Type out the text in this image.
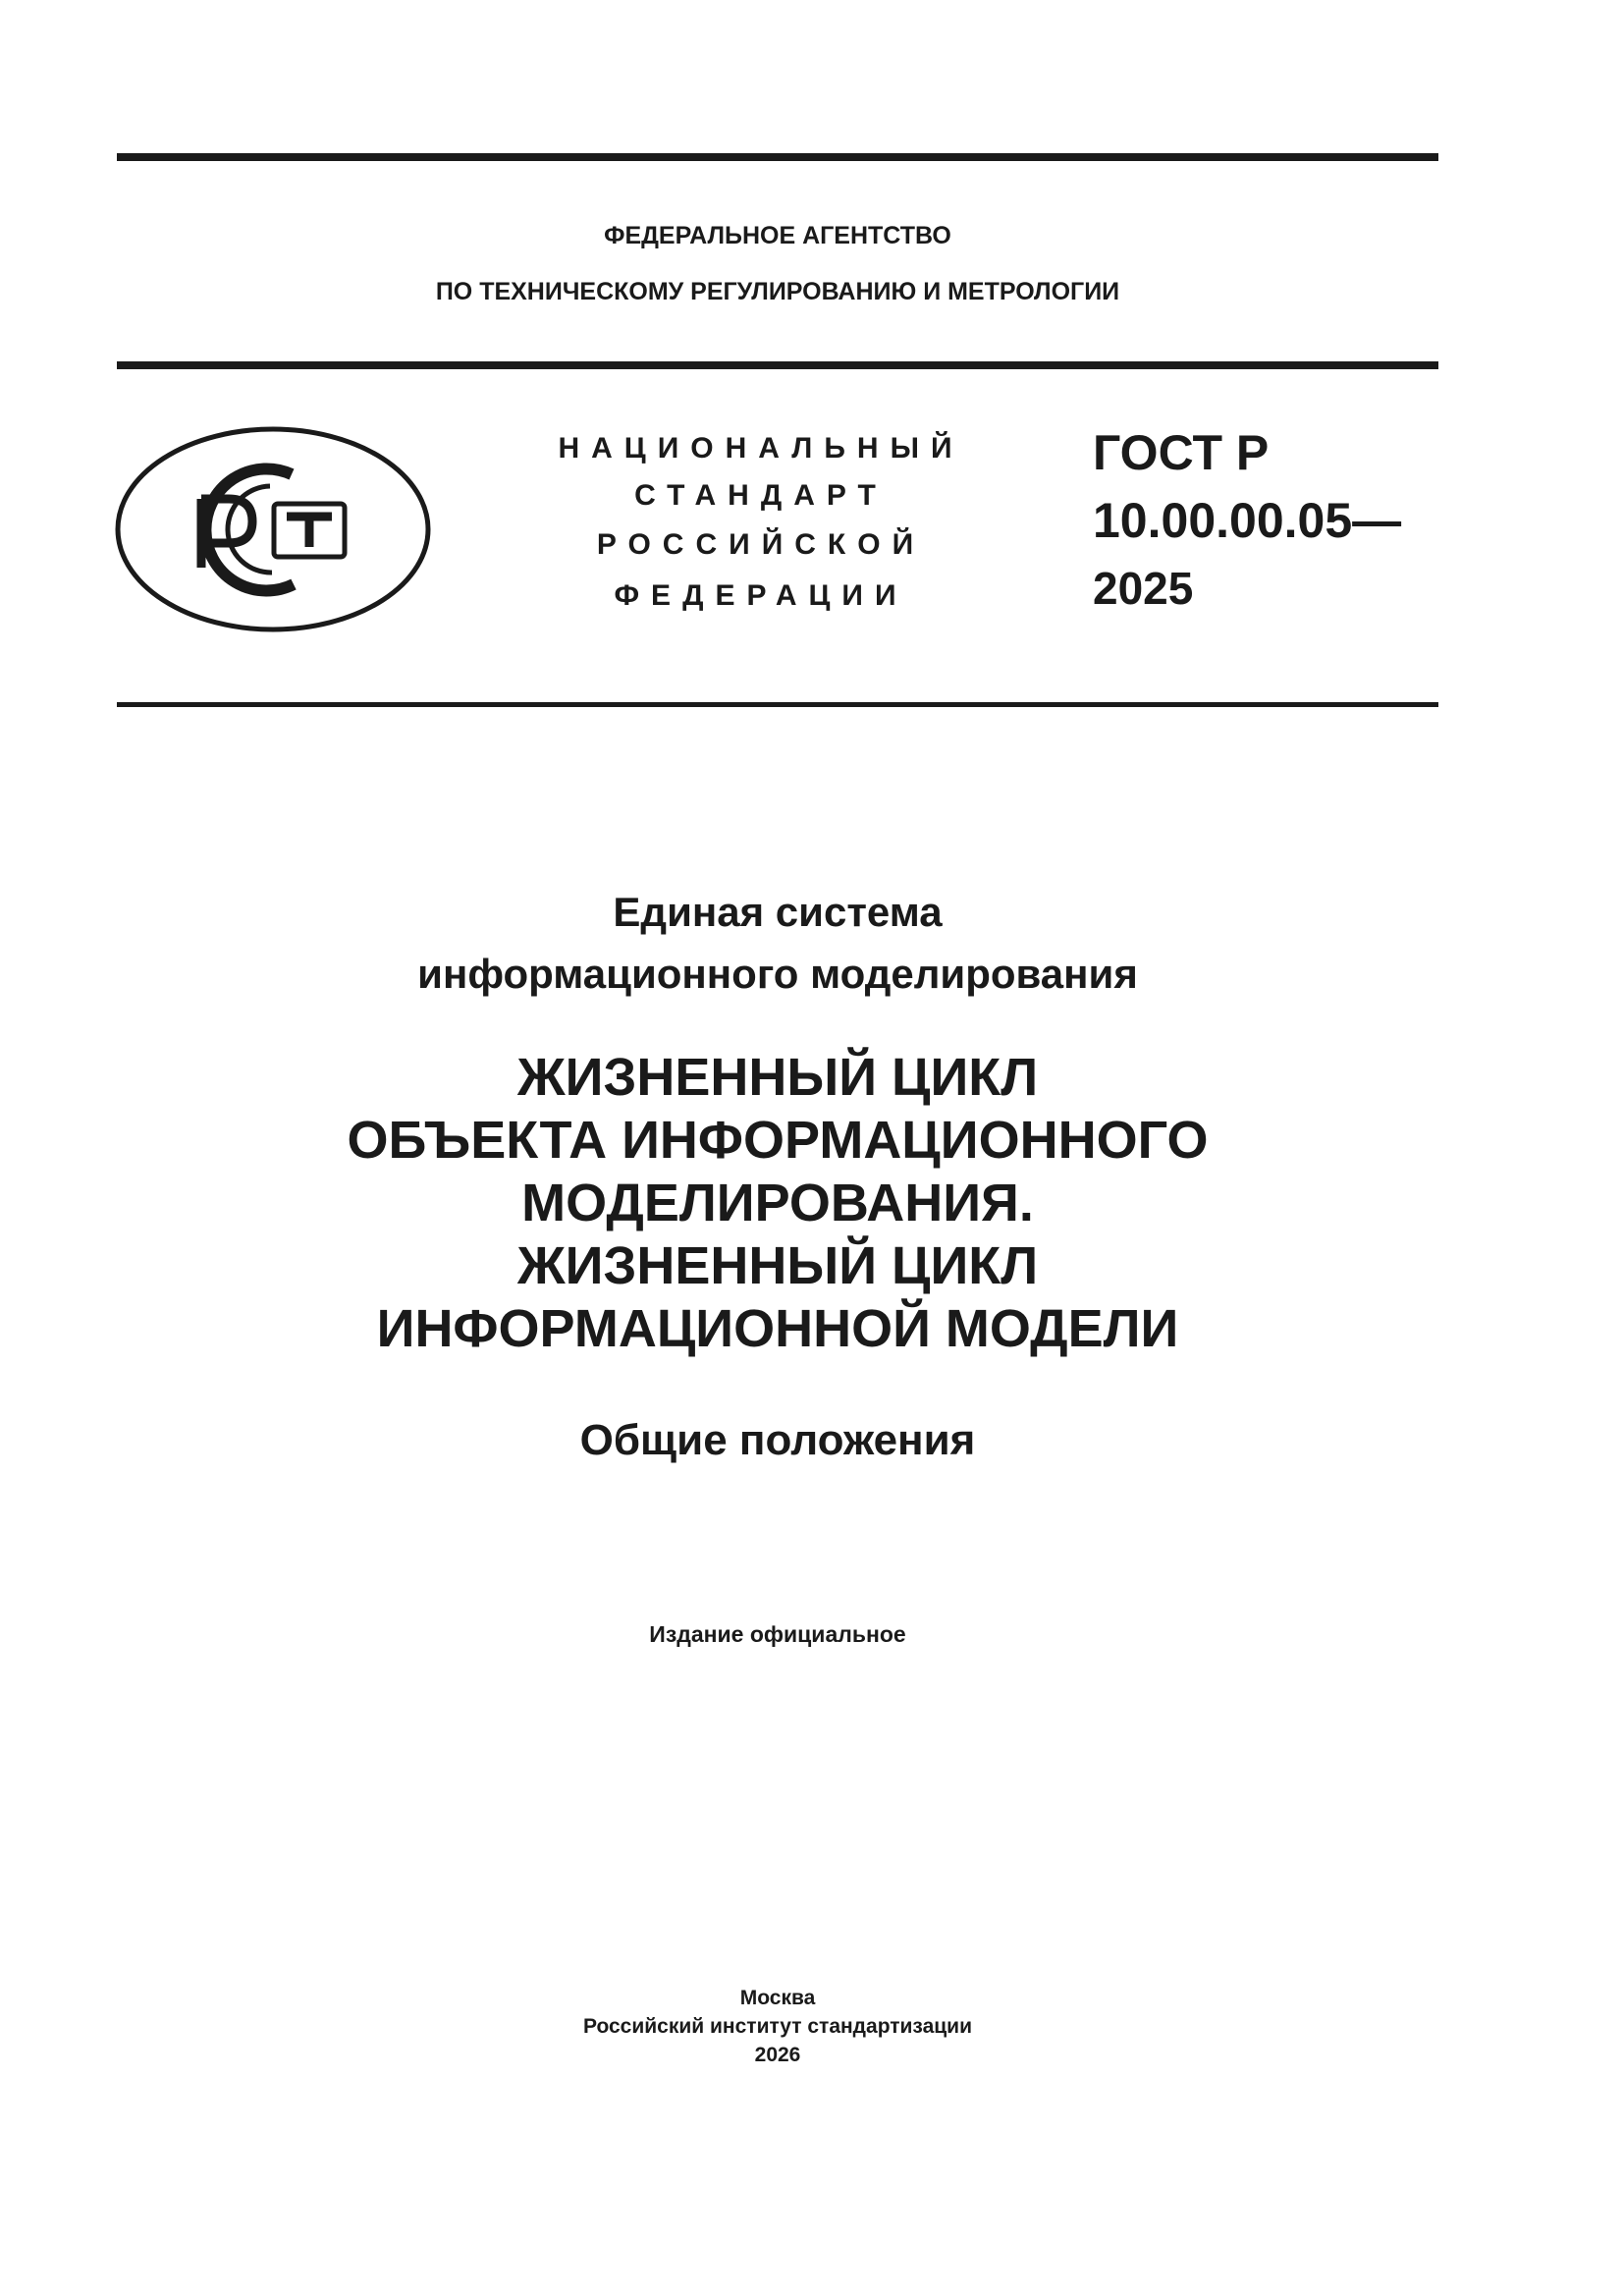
ФЕДЕРАЛЬНОЕ АГЕНТСТВО
ПО ТЕХНИЧЕСКОМУ РЕГУЛИРОВАНИЮ И МЕТРОЛОГИИ
НАЦИОНАЛЬНЫЙ
СТАНДАРТ
РОССИЙСКОЙ
ФЕДЕРАЦИИ
ГОСТ Р
10.00.00.05—
2025
Единая система
информационного моделирования
ЖИЗНЕННЫЙ ЦИКЛ
ОБЪЕКТА ИНФОРМАЦИОННОГО
МОДЕЛИРОВАНИЯ.
ЖИЗНЕННЫЙ ЦИКЛ
ИНФОРМАЦИОННОЙ МОДЕЛИ
Общие положения
Издание официальное
Москва
Российский институт стандартизации
2026
